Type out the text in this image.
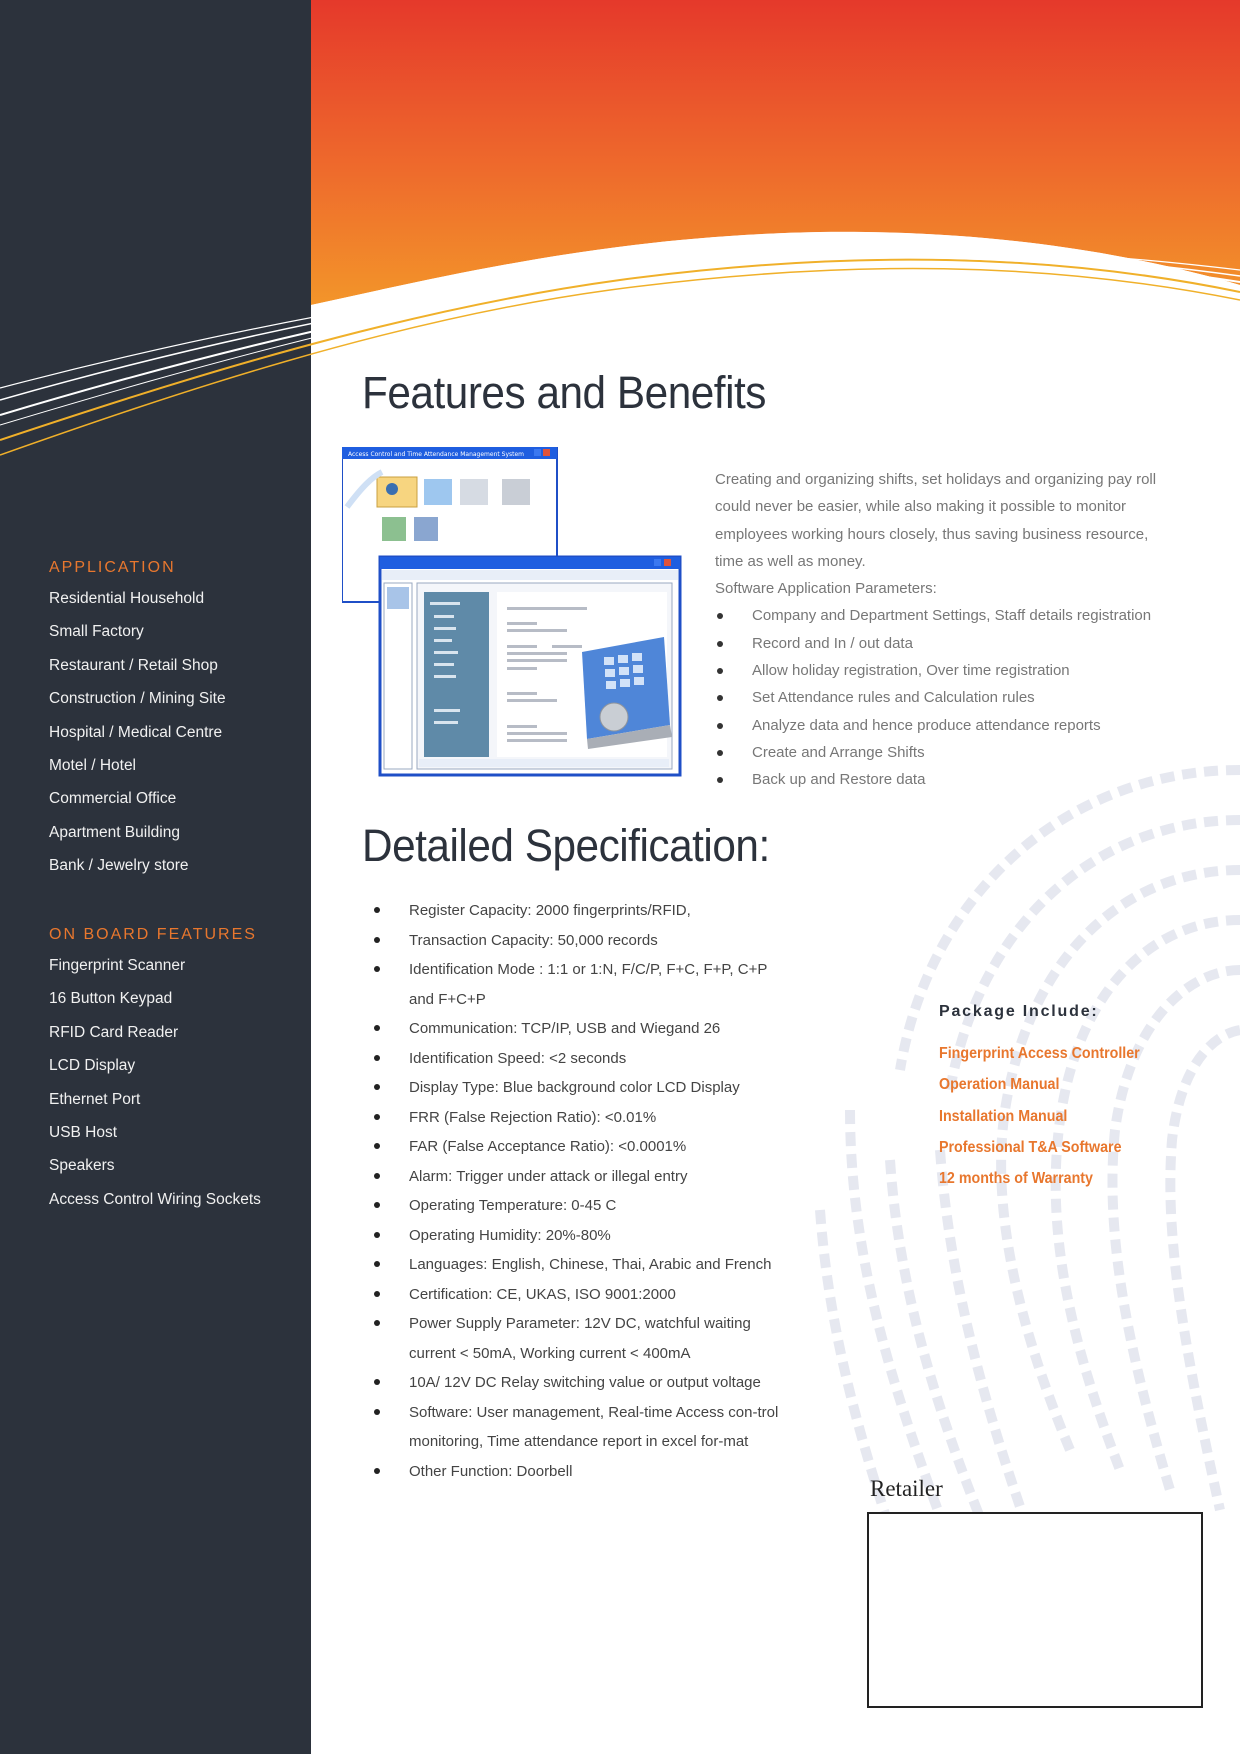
APPLICATION
Residential Household
Small Factory
Restaurant / Retail Shop
Construction / Mining Site
Hospital / Medical Centre
Motel / Hotel
Commercial Office
Apartment Building
Bank / Jewelry store
ON BOARD FEATURES
Fingerprint Scanner
16 Button Keypad
RFID Card Reader
LCD Display
Ethernet Port
USB Host
Speakers
Access Control Wiring Sockets
Features and Benefits
Access Control and Time Attendance Management System

Creating and organizing shifts, set holidays and organizing pay roll could never be easier, while also making it possible to monitor employees working hours closely, thus saving business resource, time as well as money.

Software Application Parameters:

Company and Department Settings, Staff details registration
Record and In / out data
Allow holiday registration, Over time registration
Set Attendance rules and Calculation rules
Analyze data and hence produce attendance reports
Create and Arrange Shifts
Back up and Restore data
Detailed Specification:
Register Capacity: 2000 fingerprints/RFID,
Transaction Capacity: 50,000 records
Identification Mode : 1:1 or 1:N, F/C/P, F+C, F+P, C+P and F+C+P
Communication: TCP/IP, USB and Wiegand 26
Identification Speed: <2 seconds
Display Type: Blue background color LCD Display
FRR (False Rejection Ratio): <0.01%
FAR (False Acceptance Ratio): <0.0001%
Alarm: Trigger under attack or illegal entry
Operating Temperature: 0-45 C
Operating Humidity: 20%-80%
Languages: English, Chinese, Thai, Arabic and French
Certification: CE, UKAS, ISO 9001:2000
Power Supply Parameter: 12V DC, watchful waiting current < 50mA, Working current < 400mA
10A/ 12V DC Relay switching value or output voltage
Software: User management, Real-time Access con-trol monitoring, Time attendance report in excel for-mat
Other Function: Doorbell
Package Include:
Fingerprint Access Controller
Operation Manual
Installation Manual
Professional T&A Software
12 months of Warranty
Retailer
